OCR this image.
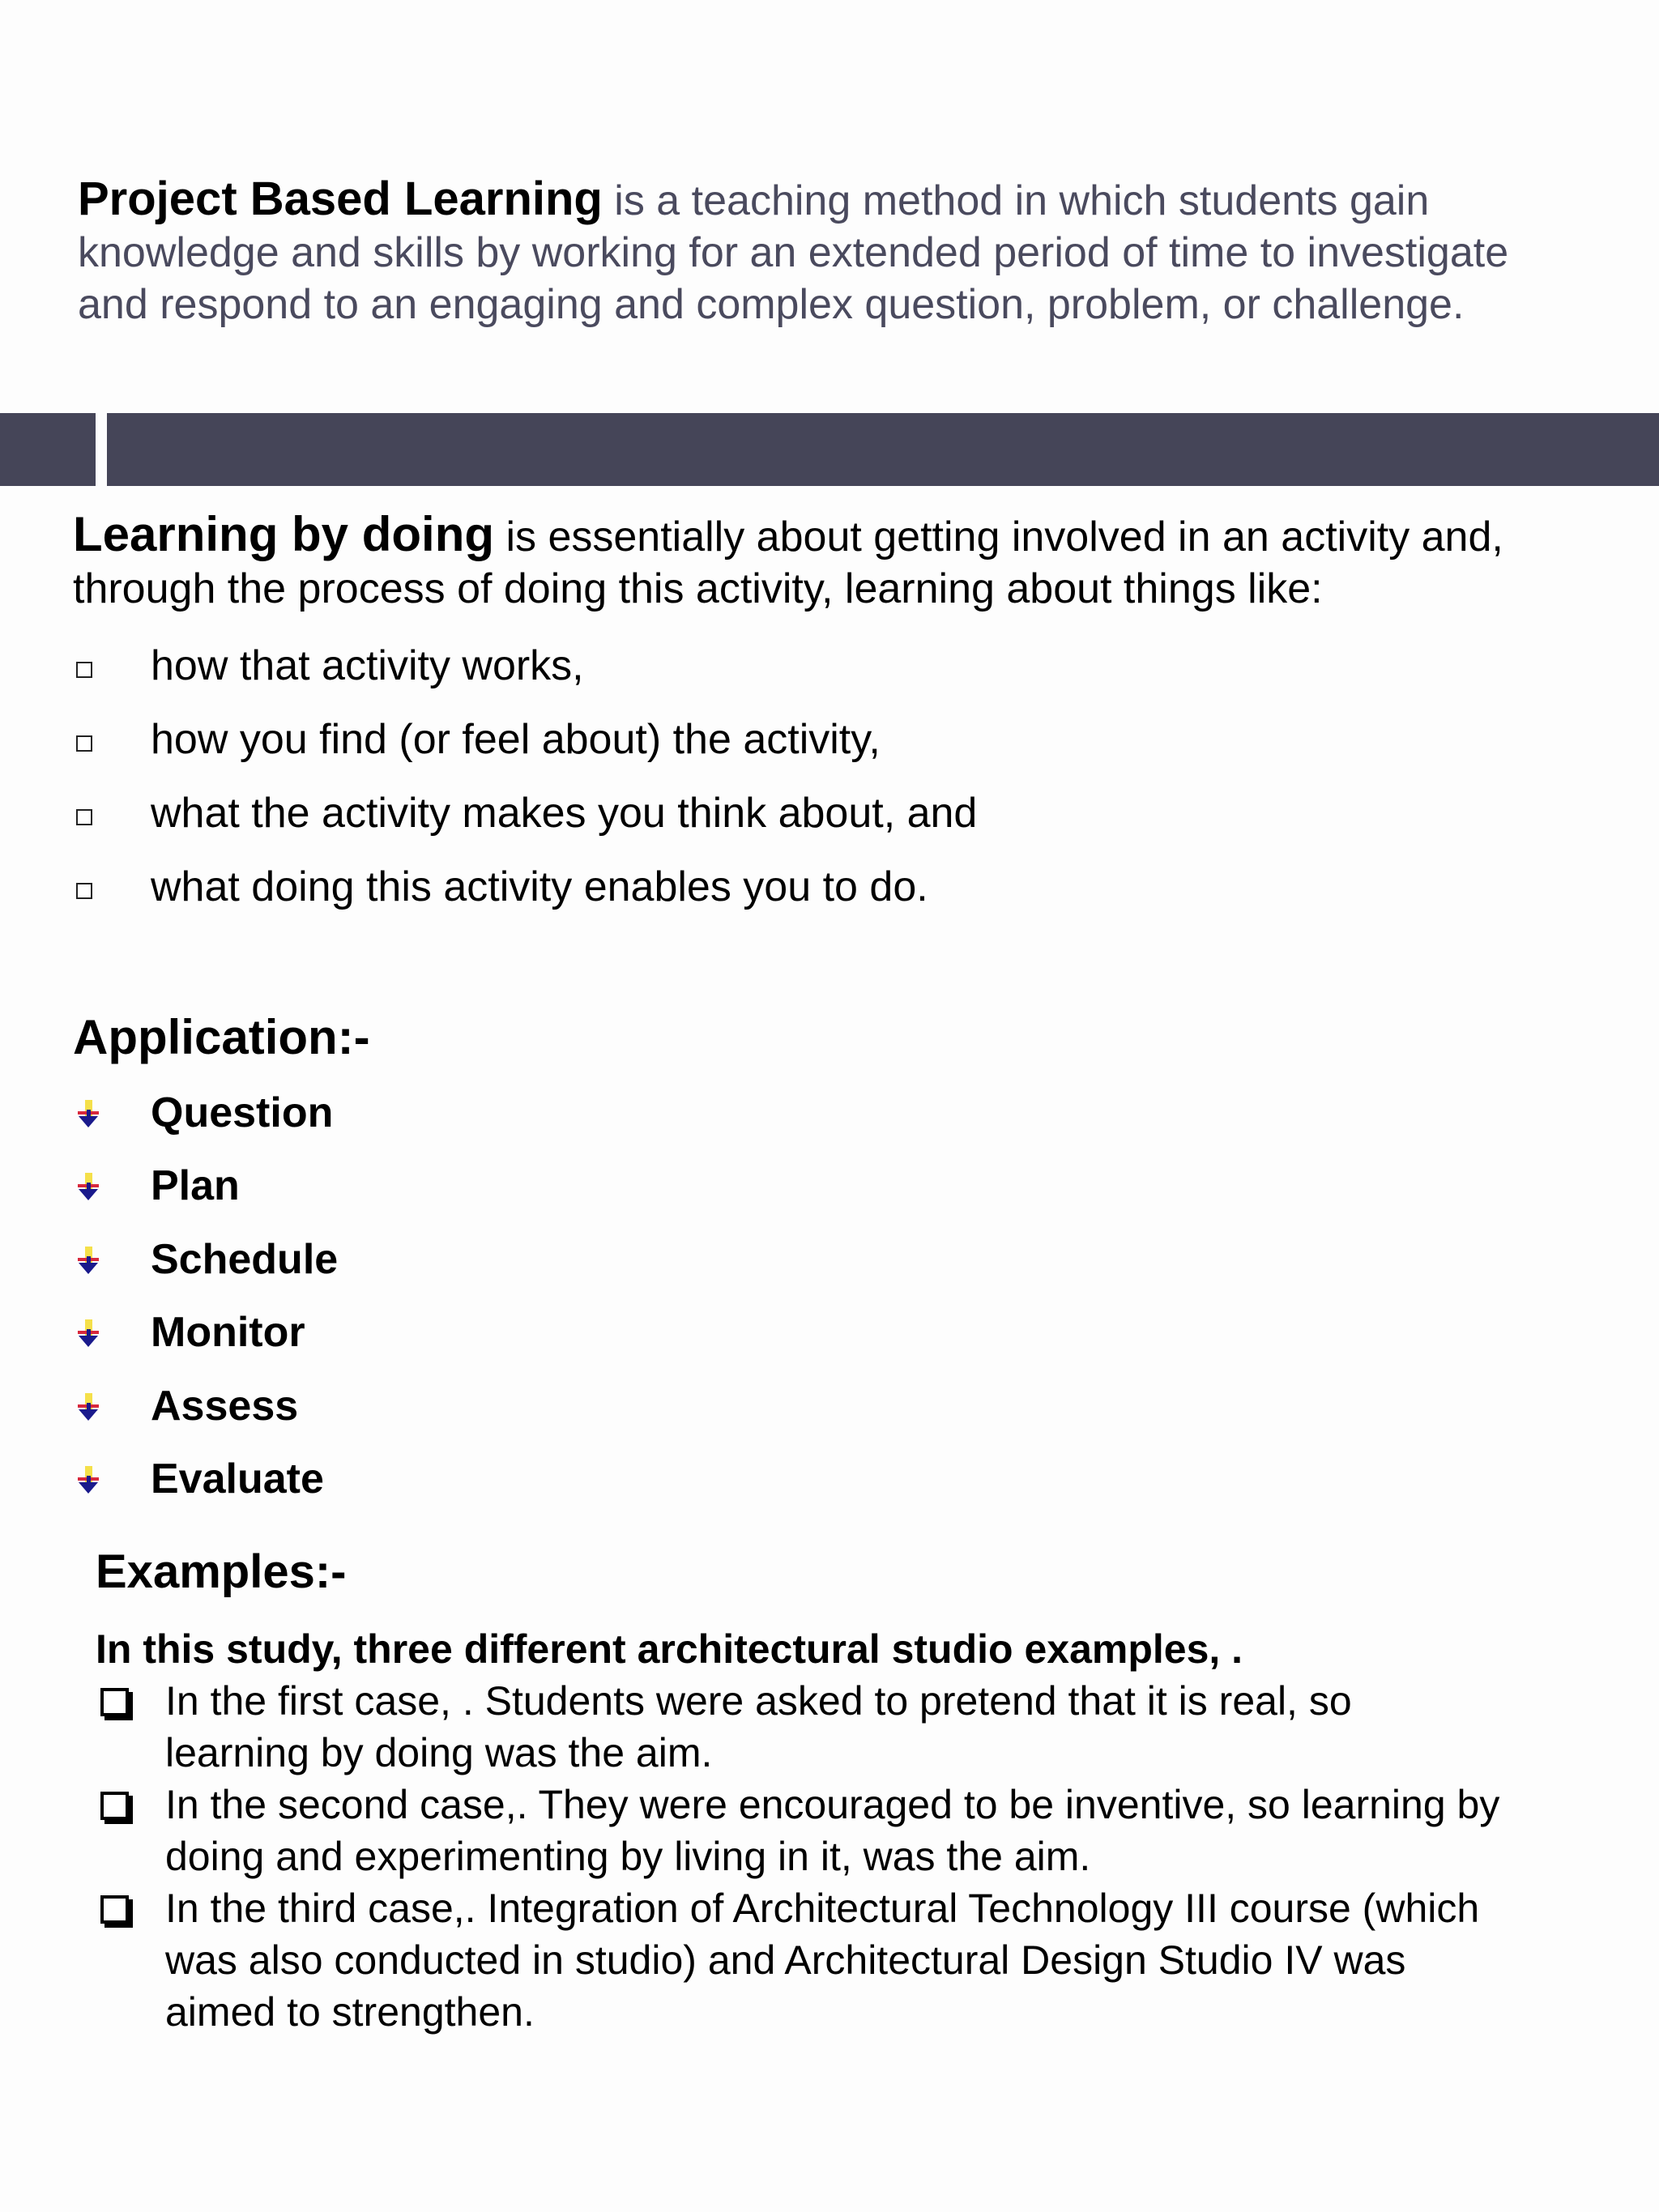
Project Based Learning is a teaching method in which students gain knowledge and skills by working for an extended period of time to investigate and respond to an engaging and complex question, problem, or challenge.
Learning by doing is essentially about getting involved in an activity and, through the process of doing this activity, learning about things like:
how that activity works,
how you find (or feel about) the activity,
what the activity makes you think about, and
what doing this activity enables you to do.
Application:-
Question
Plan
Schedule
Monitor
Assess
Evaluate
Examples:-
In this study, three different architectural studio examples, .
In the first case, . Students were asked to pretend that it is real, so learning by doing was the aim.
In the second case,. They were encouraged to be inventive, so learning by doing and experimenting by living in it, was the aim.
In the third case,. Integration of Architectural Technology III course (which was also conducted in studio) and Architectural Design Studio IV was aimed to strengthen.
